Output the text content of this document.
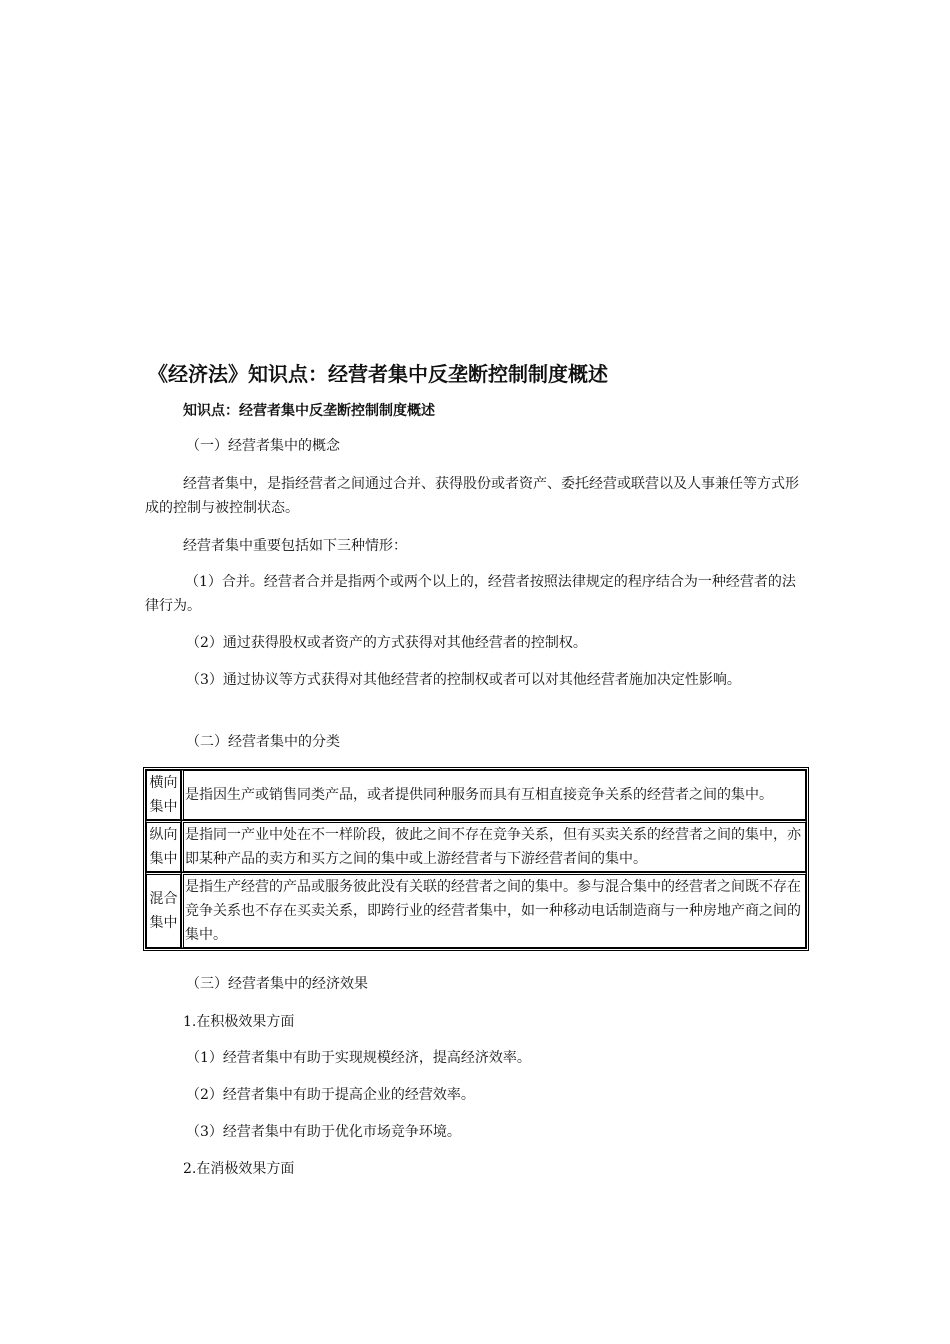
《经济法》知识点：经营者集中反垄断控制制度概述
知识点：经营者集中反垄断控制制度概述
（一）经营者集中的概念
经营者集中，是指经营者之间通过合并、获得股份或者资产、委托经营或联营以及人事兼任等方式形成的控制与被控制状态。
经营者集中重要包括如下三种情形：
（1）合并。经营者合并是指两个或两个以上的，经营者按照法律规定的程序结合为一种经营者的法律行为。
（2）通过获得股权或者资产的方式获得对其他经营者的控制权。
（3）通过协议等方式获得对其他经营者的控制权或者可以对其他经营者施加决定性影响。
（二）经营者集中的分类
横向集中	是指因生产或销售同类产品，或者提供同种服务而具有互相直接竞争关系的经营者之间的集中。
纵向集中	是指同一产业中处在不一样阶段，彼此之间不存在竞争关系，但有买卖关系的经营者之间的集中，亦即某种产品的卖方和买方之间的集中或上游经营者与下游经营者间的集中。
混合集中	是指生产经营的产品或服务彼此没有关联的经营者之间的集中。参与混合集中的经营者之间既不存在竞争关系也不存在买卖关系，即跨行业的经营者集中，如一种移动电话制造商与一种房地产商之间的集中。
（三）经营者集中的经济效果
1.在积极效果方面
（1）经营者集中有助于实现规模经济，提高经济效率。
（2）经营者集中有助于提高企业的经营效率。
（3）经营者集中有助于优化市场竞争环境。
2.在消极效果方面
